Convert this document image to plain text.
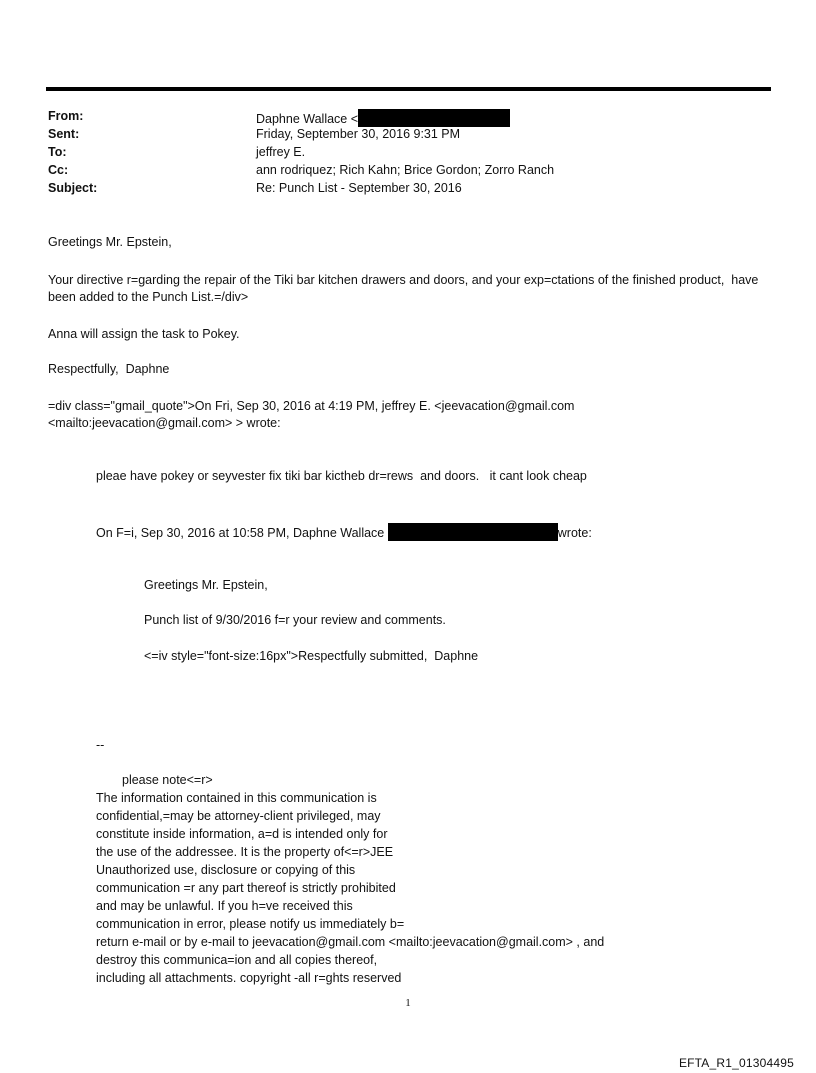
From:	Daphne Wallace <
Sent:	Friday, September 30, 2016 9:31 PM
To:	jeffrey E.
Cc:	ann rodriquez; Rich Kahn; Brice Gordon; Zorro Ranch
Subject:	Re: Punch List - September 30, 2016
Greetings Mr. Epstein,
Your directive r=garding the repair of the Tiki bar kitchen drawers and doors, and your exp=ctations of the finished product,  have been added to the Punch List.=/div>
Anna will assign the task to Pokey.
Respectfully,  Daphne
=div class="gmail_quote">On Fri, Sep 30, 2016 at 4:19 PM, jeffrey E. <jeevacation@gmail.com <mailto:jeevacation@gmail.com> > wrote:
pleae have pokey or seyvester fix tiki bar kictheb dr=rews  and doors.   it cant look cheap
On F=i, Sep 30, 2016 at 10:58 PM, Daphne Wallace	wrote:
Greetings Mr. Epstein,
Punch list of 9/30/2016 f=r your review and comments.
<=iv style="font-size:16px">Respectfully submitted,  Daphne
--
please note<=r>
The information contained in this communication is
confidential,=may be attorney-client privileged, may
constitute inside information, a=d is intended only for
the use of the addressee. It is the property of<=r>JEE
Unauthorized use, disclosure or copying of this
communication =r any part thereof is strictly prohibited
and may be unlawful. If you h=ve received this
communication in error, please notify us immediately b=
return e-mail or by e-mail to jeevacation@gmail.com <mailto:jeevacation@gmail.com> , and
destroy this communica=ion and all copies thereof,
including all attachments. copyright -all r=ghts reserved
1
EFTA_R1_01304495
